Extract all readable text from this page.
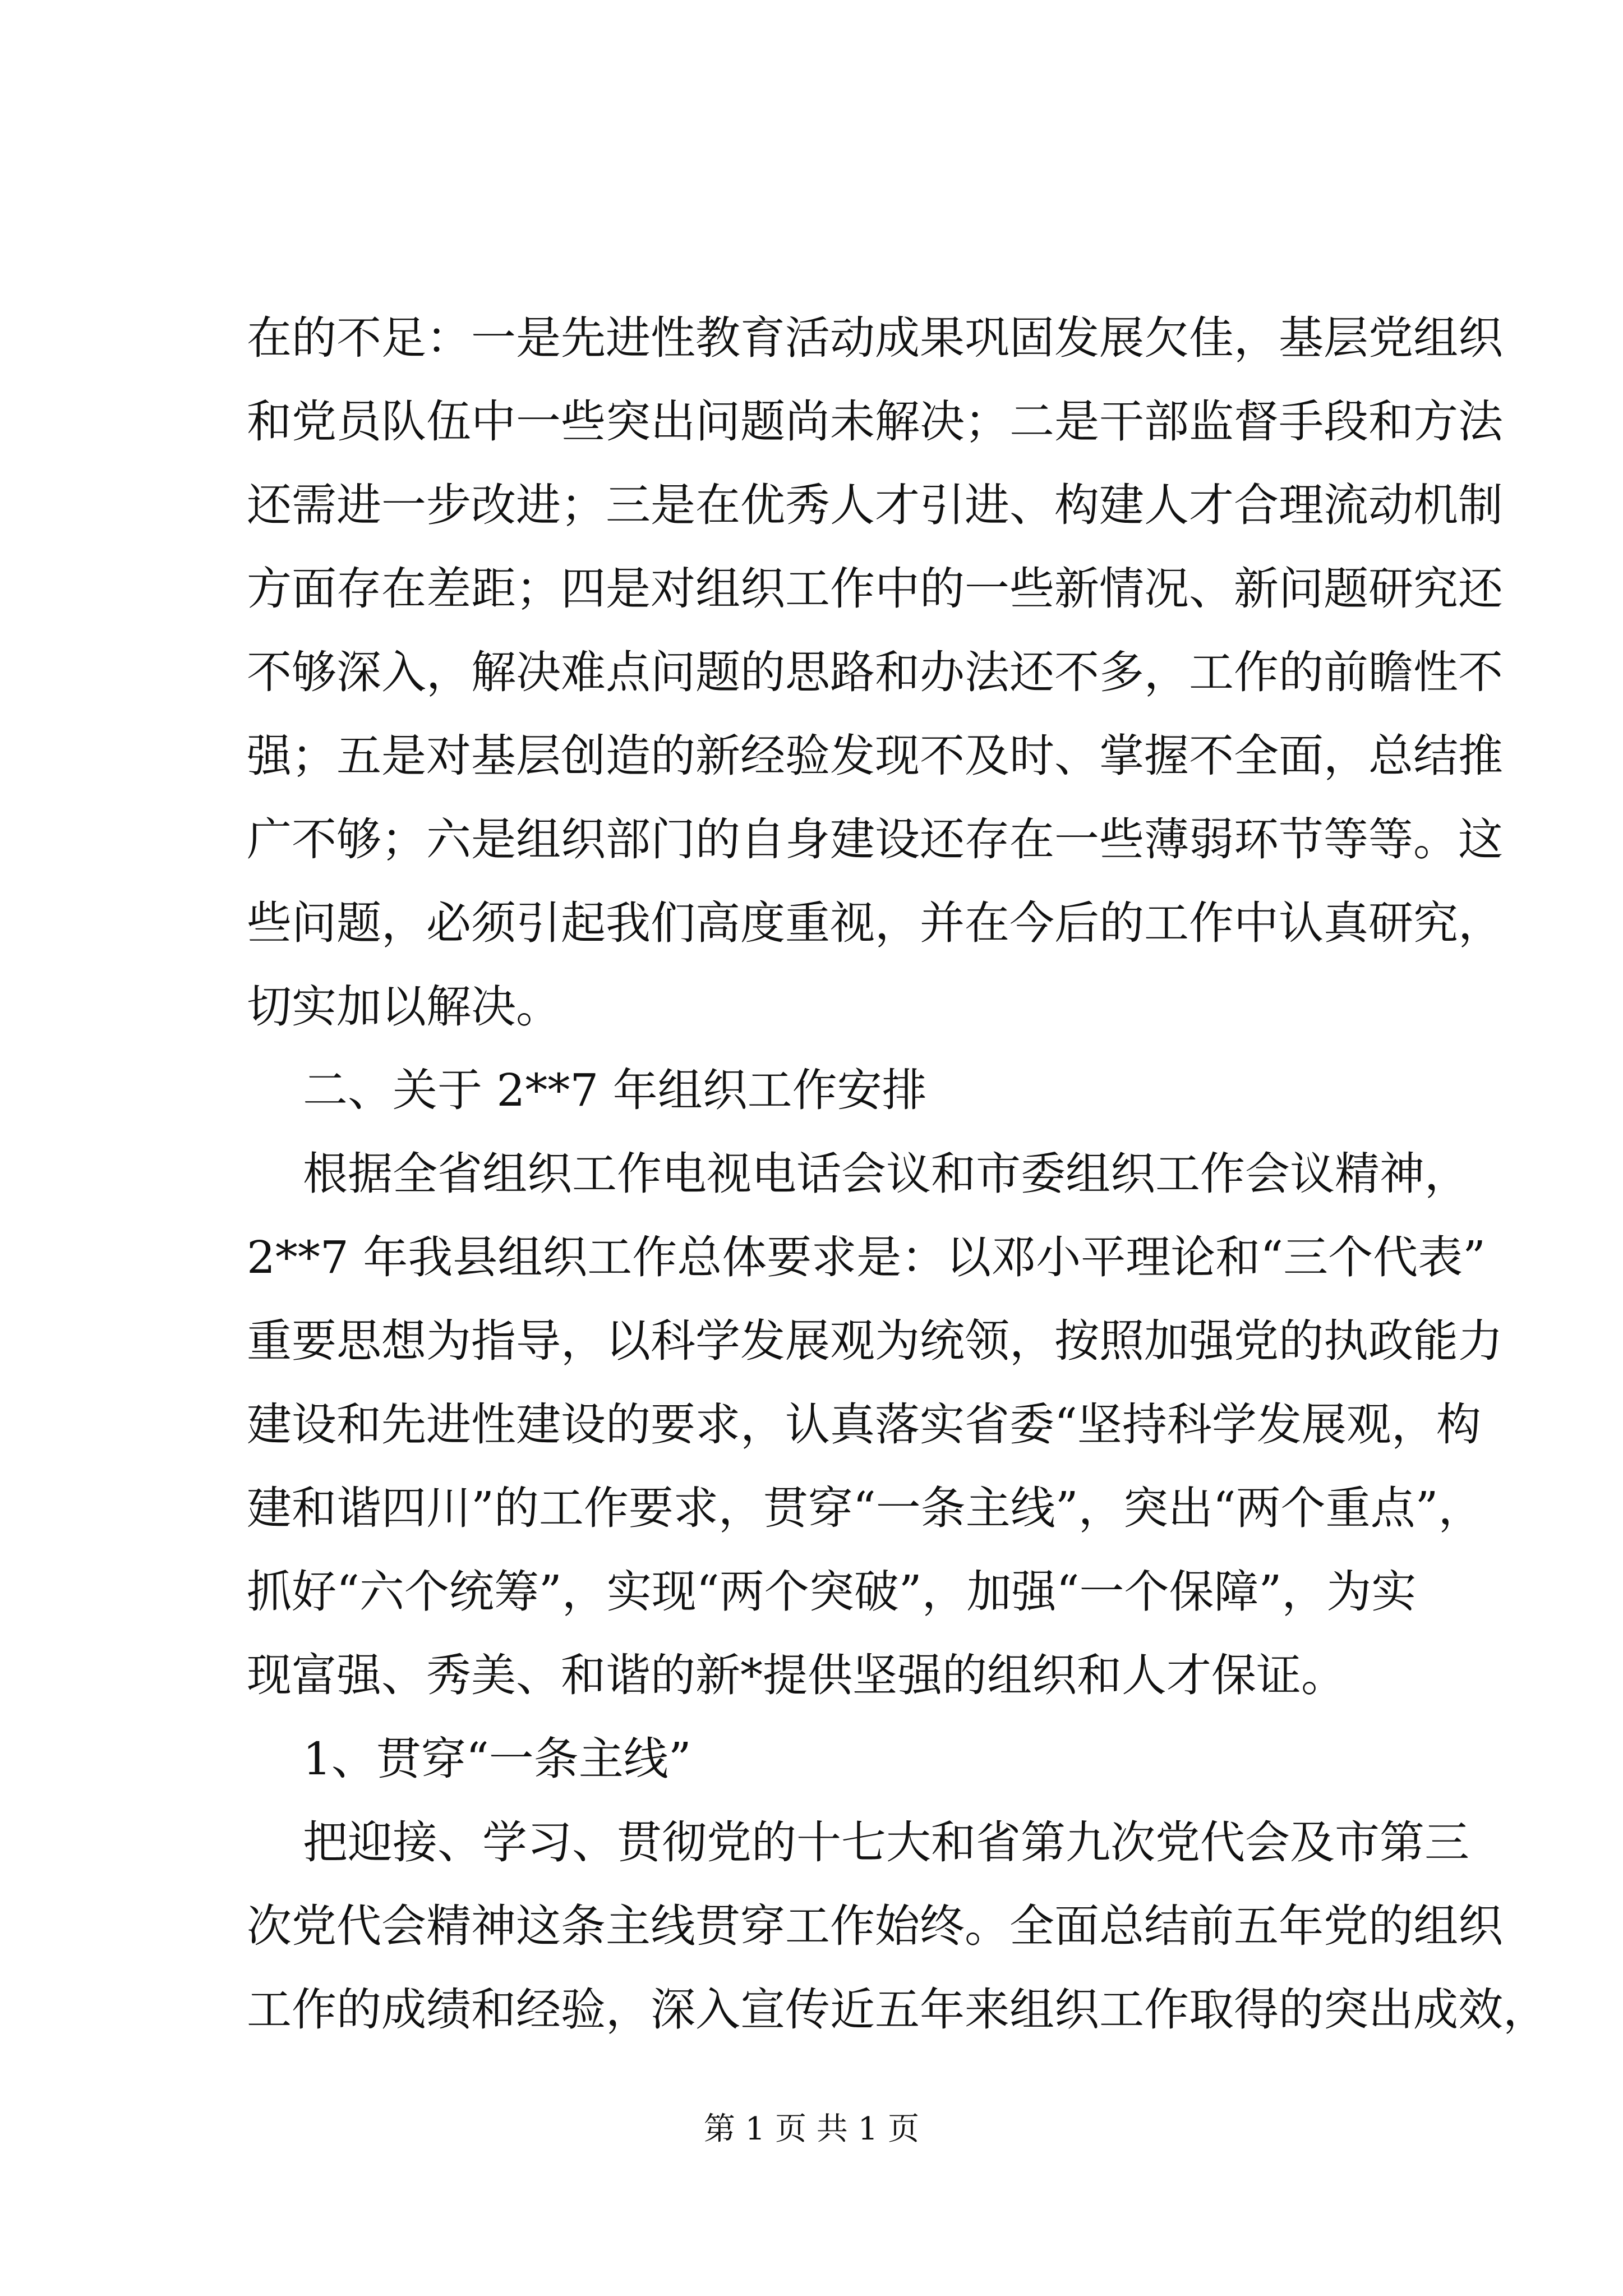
在的不足：一是先进性教育活动成果巩固发展欠佳，基层党组织
和党员队伍中一些突出问题尚未解决；二是干部监督手段和方法
还需进一步改进；三是在优秀人才引进、构建人才合理流动机制
方面存在差距；四是对组织工作中的一些新情况、新问题研究还
不够深入，解决难点问题的思路和办法还不多，工作的前瞻性不
强；五是对基层创造的新经验发现不及时、掌握不全面，总结推
广不够；六是组织部门的自身建设还存在一些薄弱环节等等。这
些问题，必须引起我们高度重视，并在今后的工作中认真研究，
切实加以解决。
二、关于 2**7 年组织工作安排
根据全省组织工作电视电话会议和市委组织工作会议精神，
2**7 年我县组织工作总体要求是：以邓小平理论和“三个代表”
重要思想为指导，以科学发展观为统领，按照加强党的执政能力
建设和先进性建设的要求，认真落实省委“坚持科学发展观，构
建和谐四川”的工作要求，贯穿“一条主线”，突出“两个重点”，
抓好“六个统筹”，实现“两个突破”，加强“一个保障”，为实
现富强、秀美、和谐的新*提供坚强的组织和人才保证。
1、贯穿“一条主线”
把迎接、学习、贯彻党的十七大和省第九次党代会及市第三
次党代会精神这条主线贯穿工作始终。全面总结前五年党的组织
工作的成绩和经验，深入宣传近五年来组织工作取得的突出成效，
第 1 页 共 1 页
